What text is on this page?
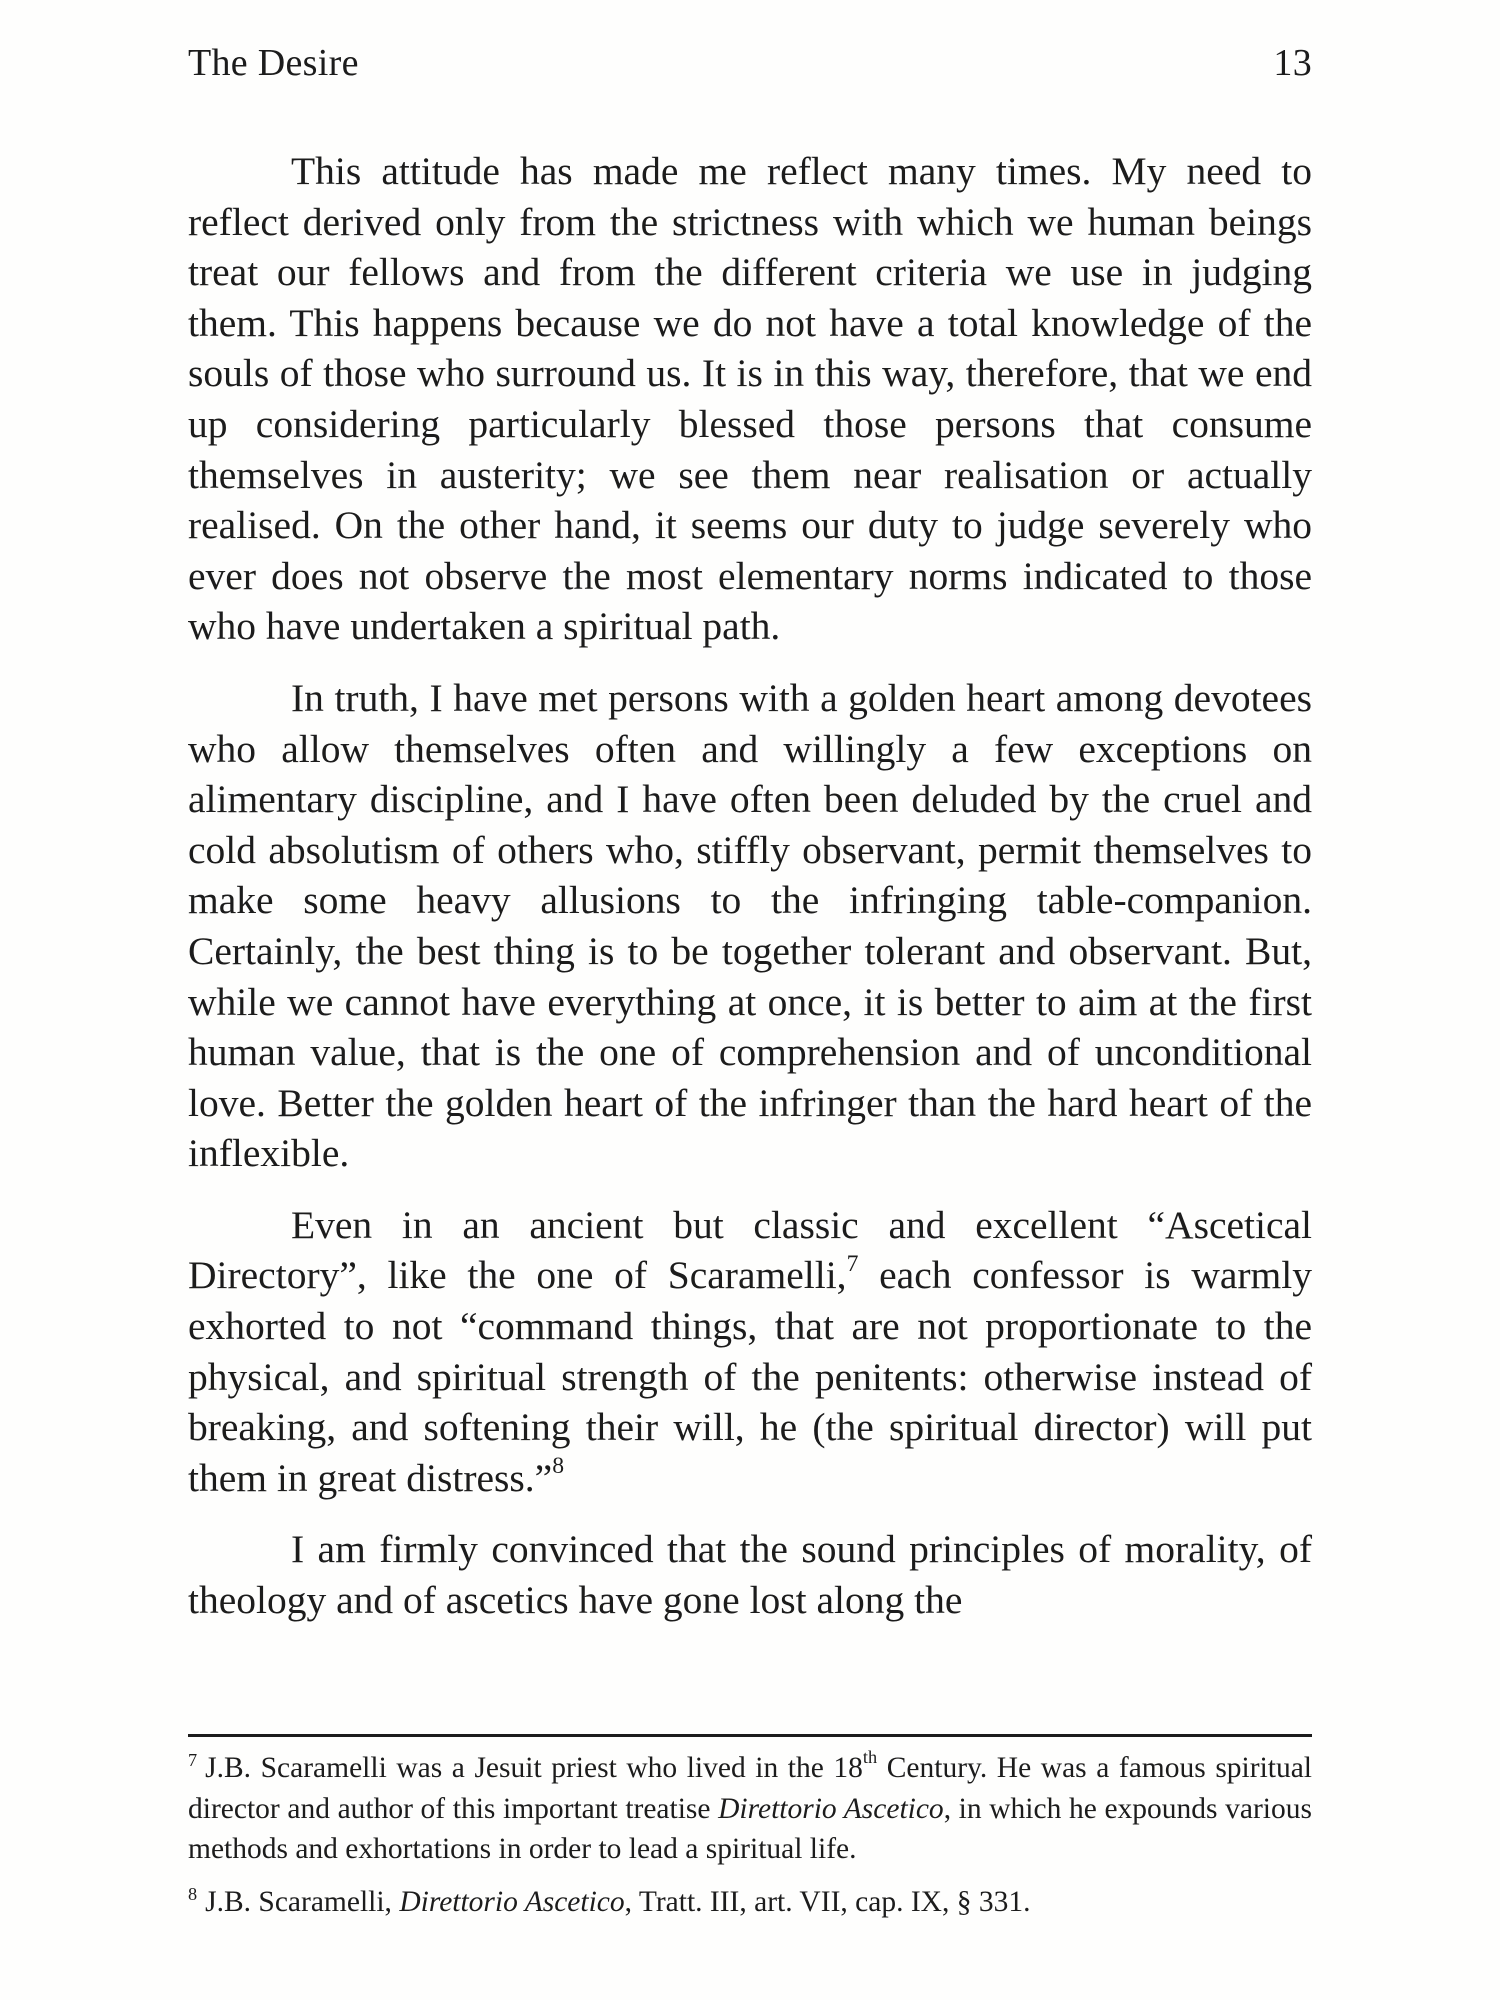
The Desire	13

This attitude has made me reflect many times. My need to reflect derived only from the strictness with which we human beings treat our fellows and from the different criteria we use in judging them. This happens because we do not have a total knowledge of the souls of those who surround us. It is in this way, therefore, that we end up considering particularly blessed those persons that consume themselves in austerity; we see them near realisation or actually realised. On the other hand, it seems our duty to judge severely who ever does not observe the most elementary norms indicated to those who have undertaken a spiritual path.

In truth, I have met persons with a golden heart among devotees who allow themselves often and willingly a few exceptions on alimentary discipline, and I have often been deluded by the cruel and cold absolutism of others who, stiffly observant, permit themselves to make some heavy allusions to the infringing table-companion. Certainly, the best thing is to be together tolerant and observant. But, while we cannot have everything at once, it is better to aim at the first human value, that is the one of comprehension and of unconditional love. Better the golden heart of the infringer than the hard heart of the inflexible.

Even in an ancient but classic and excellent “Ascetical Directory”, like the one of Scaramelli,$^7$ each confessor is warmly exhorted to not “command things, that are not proportionate to the physical, and spiritual strength of the penitents: otherwise instead of breaking, and softening their will, he (the spiritual director) will put them in great distress.”$^8$

I am firmly convinced that the sound principles of morality, of theology and of ascetics have gone lost along the

$^7$ J.B. Scaramelli was a Jesuit priest who lived in the 18th Century. He was a famous spiritual director and author of this important treatise Direttorio Ascetico, in which he expounds various methods and exhortations in order to lead a spiritual life.

$^8$ J.B. Scaramelli, Direttorio Ascetico, Tratt. III, art. VII, cap. IX, § 331.
